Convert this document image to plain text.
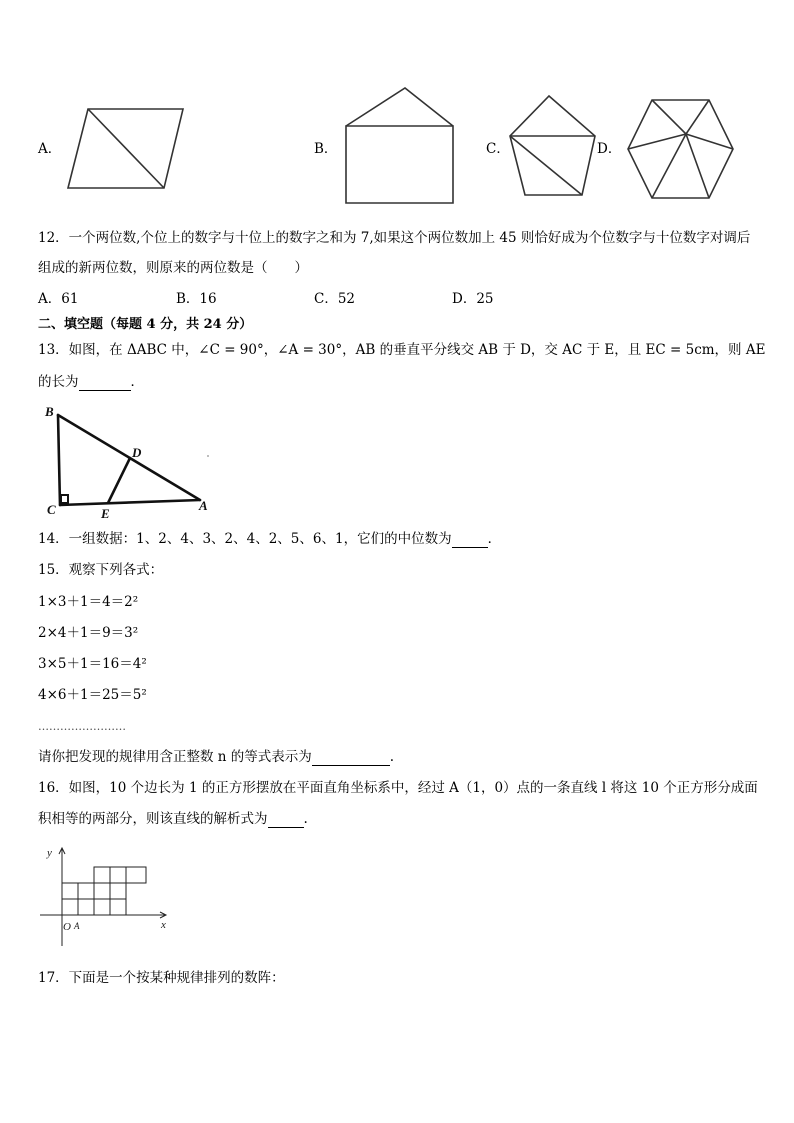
A．	B．	C．	D．
12．一个两位数,个位上的数字与十位上的数字之和为 7,如果这个两位数加上 45 则恰好成为个位数字与十位数字对调后
组成的新两位数，则原来的两位数是（　　）
A．61	B．16	C．52	D．25
二、填空题（每题 4 分，共 24 分）
13．如图，在 ΔABC 中，∠C = 90°，∠A = 30°，AB 的垂直平分线交 AB 于 D，交 AC 于 E，且 EC = 5cm，则 AE
的长为	．
B
D
C	E
A
14．一组数据：1、2、4、3、2、4、2、5、6、1，它们的中位数为	．
15．观察下列各式：
1×3＋1＝4＝2²
2×4＋1＝9＝3²
3×5＋1＝16＝4²
4×6＋1＝25＝5²
……………………
请你把发现的规律用含正整数 n 的等式表示为	.
16．如图，10 个边长为 1 的正方形摆放在平面直角坐标系中，经过 A（1，0）点的一条直线 l 将这 10 个正方形分成面
积相等的两部分，则该直线的解析式为	.
y
x
O A
17．下面是一个按某种规律排列的数阵：
